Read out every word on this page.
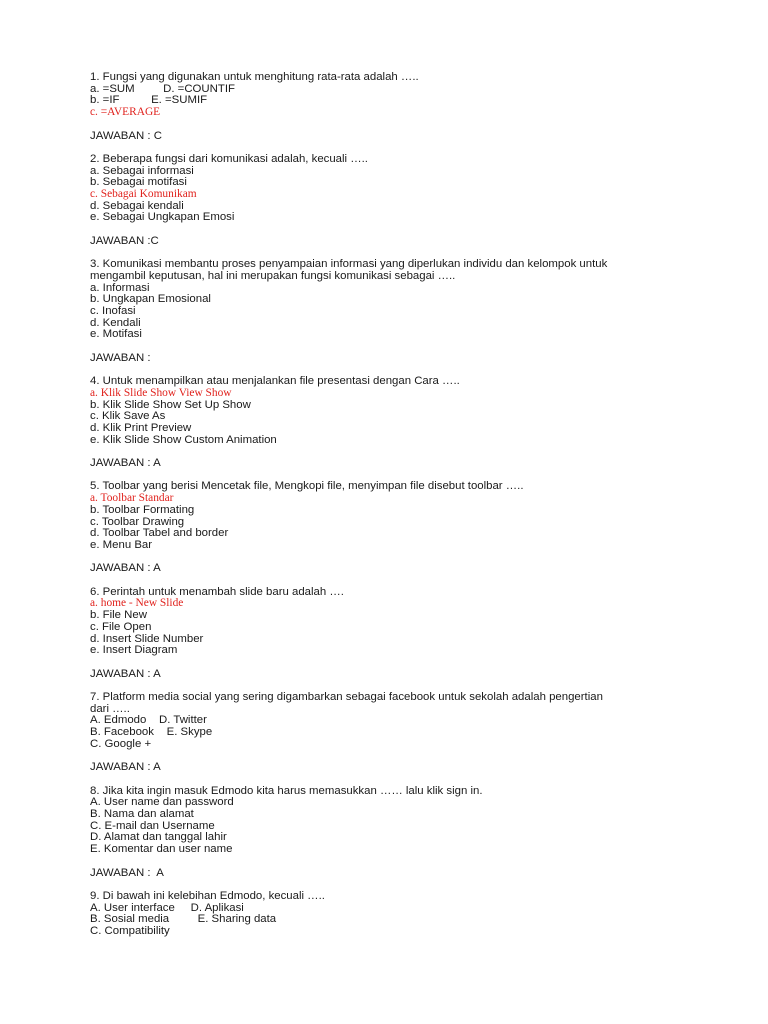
1. Fungsi yang digunakan untuk menghitung rata-rata adalah …..
a. =SUM         D. =COUNTIF
b. =IF          E. =SUMIF
c. =AVERAGE
JAWABAN : C
2. Beberapa fungsi dari komunikasi adalah, kecuali …..
a. Sebagai informasi
b. Sebagai motifasi
c. Sebagai Komunikam
d. Sebagai kendali
e. Sebagai Ungkapan Emosi
JAWABAN :C
3. Komunikasi membantu proses penyampaian informasi yang diperlukan individu dan kelompok untuk
mengambil keputusan, hal ini merupakan fungsi komunikasi sebagai …..
a. Informasi
b. Ungkapan Emosional
c. Inofasi
d. Kendali
e. Motifasi
JAWABAN :
4. Untuk menampilkan atau menjalankan file presentasi dengan Cara …..
a. Klik Slide Show View Show
b. Klik Slide Show Set Up Show
c. Klik Save As
d. Klik Print Preview
e. Klik Slide Show Custom Animation
JAWABAN : A
5. Toolbar yang berisi Mencetak file, Mengkopi file, menyimpan file disebut toolbar …..
a. Toolbar Standar
b. Toolbar Formating
c. Toolbar Drawing
d. Toolbar Tabel and border
e. Menu Bar
JAWABAN : A
6. Perintah untuk menambah slide baru adalah ….
a. home - New Slide
b. File New
c. File Open
d. Insert Slide Number
e. Insert Diagram
JAWABAN : A
7. Platform media social yang sering digambarkan sebagai facebook untuk sekolah adalah pengertian
dari …..
A. Edmodo    D. Twitter
B. Facebook    E. Skype
C. Google +
JAWABAN : A
8. Jika kita ingin masuk Edmodo kita harus memasukkan …… lalu klik sign in.
A. User name dan password
B. Nama dan alamat
C. E-mail dan Username
D. Alamat dan tanggal lahir
E. Komentar dan user name
JAWABAN :  A
9. Di bawah ini kelebihan Edmodo, kecuali …..
A. User interface     D. Aplikasi
B. Sosial media         E. Sharing data
C. Compatibility
